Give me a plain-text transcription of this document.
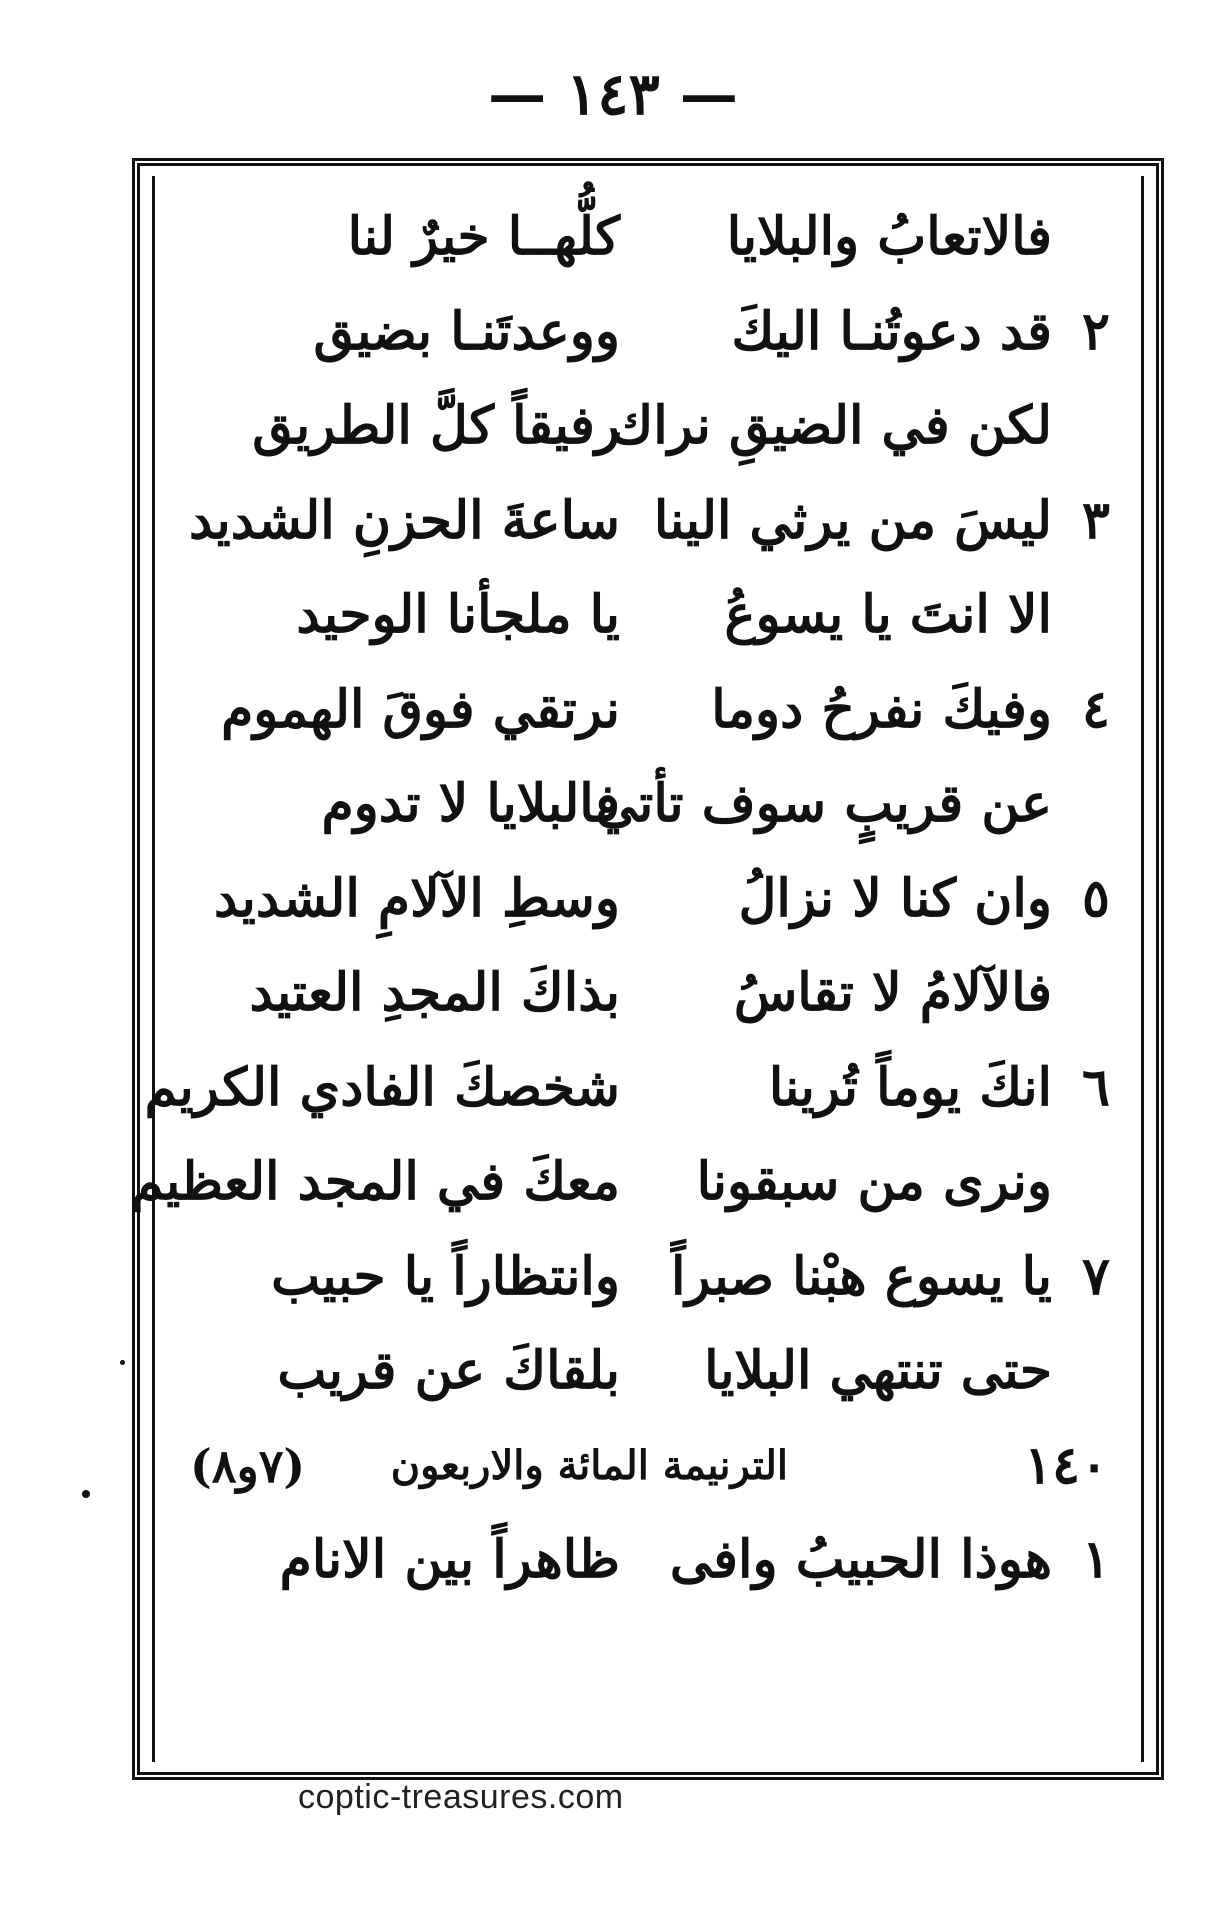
— ١٤٣ —
فالاتعابُ والبلايا
كلُّهــا خيرٌ لنا
٢
قد دعوتُنـا اليكَ
ووعدتَنـا بضيق
لكن في الضيقِ نراك
رفيقاً كلَّ الطريق
٣
ليسَ من يرثي الينا
ساعةَ الحزنِ الشديد
الا انتَ يا يسوعُ
يا ملجأنا الوحيد
٤
وفيكَ نفرحُ دوما
نرتقي فوقَ الهموم
عن قريبٍ سوف تأتي
فالبلايا لا تدوم
٥
وان كنا لا نزالُ
وسطِ الآلامِ الشديد
فالآلامُ لا تقاسُ
بذاكَ المجدِ العتيد
٦
انكَ يوماً تُرينا
شخصكَ الفادي الكريم
ونرى من سبقونا
معكَ في المجد العظيم
٧
يا يسوع هبْنا صبراً
وانتظاراً يا حبيب
حتى تنتهي البلايا
بلقاكَ عن قريب
١٤٠
الترنيمة المائة والاربعون
(٧و٨)
١
هوذا الحبيبُ وافى
ظاهراً بين الانام
coptic-treasures.com
